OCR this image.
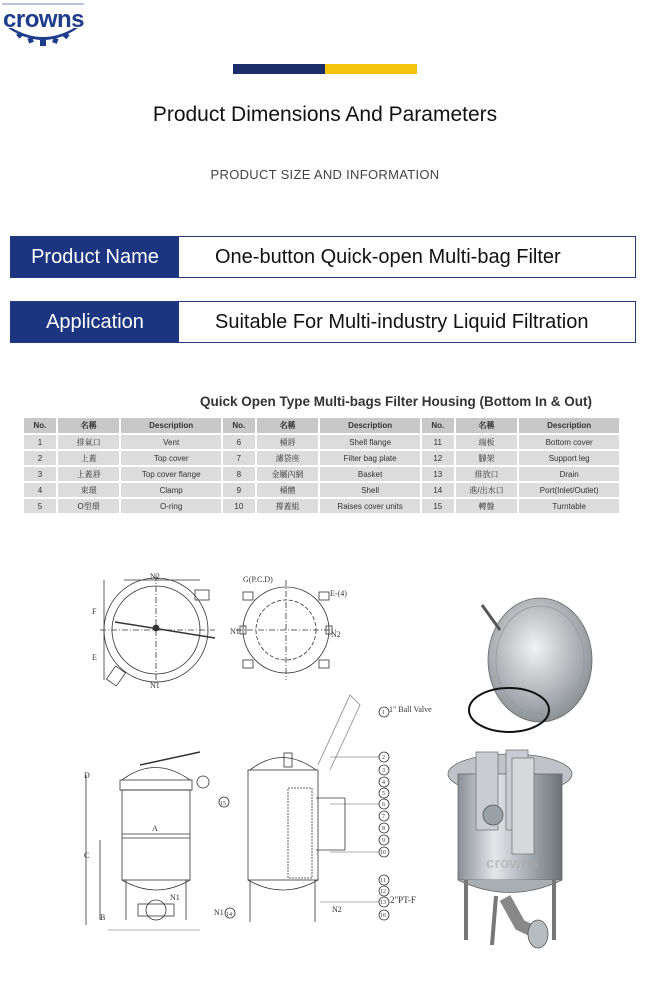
crowns
Product Dimensions And Parameters
PRODUCT SIZE AND INFORMATION
Product Name	One-button Quick-open Multi-bag Filter
Application	Suitable For Multi-industry Liquid Filtration
Quick Open Type Multi-bags Filter Housing (Bottom In & Out)
No.	名稱	Description	No.	名稱	Description	No.	名稱	Description
1	排氣口	Vent	6	桶唇	Shell flange	11	端板	Bottom cover
2	上蓋	Top cover	7	濾袋座	Filter bag plate	12	腳架	Support leg
3	上蓋唇	Top cover flange	8	金屬內網	Basket	13	排放口	Drain
4	束環	Clamp	9	桶體	Shell	14	進/出水口	Port(Inlet/Outlet)
5	O型環	O-ring	10	撐蓋組	Raises cover units	15	轉盤	Turntable
N2
F
E
N1
G(P.C.D)
E-(4)
N1	N2
D
A
C
B
N1
15
1" Ball Valve
2"PT-F
N1 14
N2
1
2
3
4
5
6
7
8
9
10
11
12
13
16
crowns
